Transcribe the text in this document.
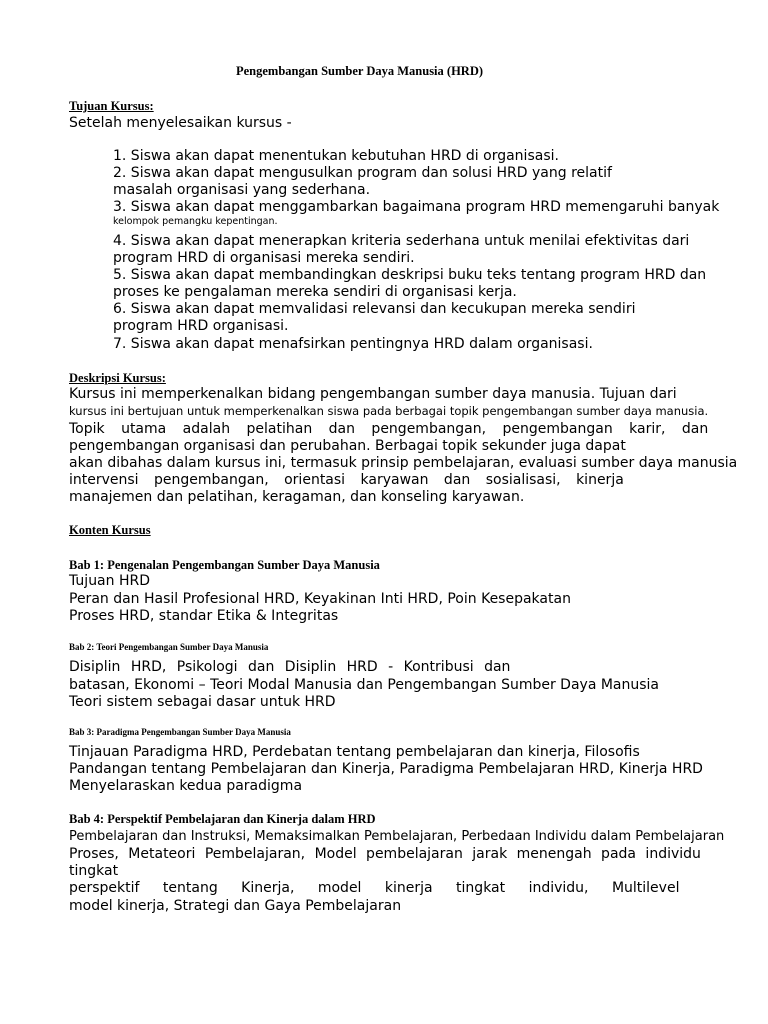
Pengembangan Sumber Daya Manusia (HRD)
Tujuan Kursus:
Setelah menyelesaikan kursus -
1. Siswa akan dapat menentukan kebutuhan HRD di organisasi.
2. Siswa akan dapat mengusulkan program dan solusi HRD yang relatif
masalah organisasi yang sederhana.
3. Siswa akan dapat menggambarkan bagaimana program HRD memengaruhi banyak
kelompok pemangku kepentingan.
4. Siswa akan dapat menerapkan kriteria sederhana untuk menilai efektivitas dari
program HRD di organisasi mereka sendiri.
5. Siswa akan dapat membandingkan deskripsi buku teks tentang program HRD dan
proses ke pengalaman mereka sendiri di organisasi kerja.
6. Siswa akan dapat memvalidasi relevansi dan kecukupan mereka sendiri
program HRD organisasi.
7. Siswa akan dapat menafsirkan pentingnya HRD dalam organisasi.
Deskripsi Kursus:
Kursus ini memperkenalkan bidang pengembangan sumber daya manusia. Tujuan dari
kursus ini bertujuan untuk memperkenalkan siswa pada berbagai topik pengembangan sumber daya manusia.
Topik utama adalah pelatihan dan pengembangan, pengembangan karir, dan
pengembangan organisasi dan perubahan. Berbagai topik sekunder juga dapat
akan dibahas dalam kursus ini, termasuk prinsip pembelajaran, evaluasi sumber daya manusia
intervensi pengembangan, orientasi karyawan dan sosialisasi, kinerja
manajemen dan pelatihan, keragaman, dan konseling karyawan.
Konten Kursus
Bab 1: Pengenalan Pengembangan Sumber Daya Manusia
Tujuan HRD
Peran dan Hasil Profesional HRD, Keyakinan Inti HRD, Poin Kesepakatan
Proses HRD, standar Etika & Integritas
Bab 2: Teori Pengembangan Sumber Daya Manusia
Disiplin HRD, Psikologi dan Disiplin HRD - Kontribusi dan
batasan, Ekonomi – Teori Modal Manusia dan Pengembangan Sumber Daya Manusia
Teori sistem sebagai dasar untuk HRD
Bab 3: Paradigma Pengembangan Sumber Daya Manusia
Tinjauan Paradigma HRD, Perdebatan tentang pembelajaran dan kinerja, Filosofis
Pandangan tentang Pembelajaran dan Kinerja, Paradigma Pembelajaran HRD, Kinerja HRD
Menyelaraskan kedua paradigma
Bab 4: Perspektif Pembelajaran dan Kinerja dalam HRD
Pembelajaran dan Instruksi, Memaksimalkan Pembelajaran, Perbedaan Individu dalam Pembelajaran
Proses, Metateori Pembelajaran, Model pembelajaran jarak menengah pada individu
tingkat
perspektif tentang Kinerja, model kinerja tingkat individu, Multilevel
model kinerja, Strategi dan Gaya Pembelajaran
